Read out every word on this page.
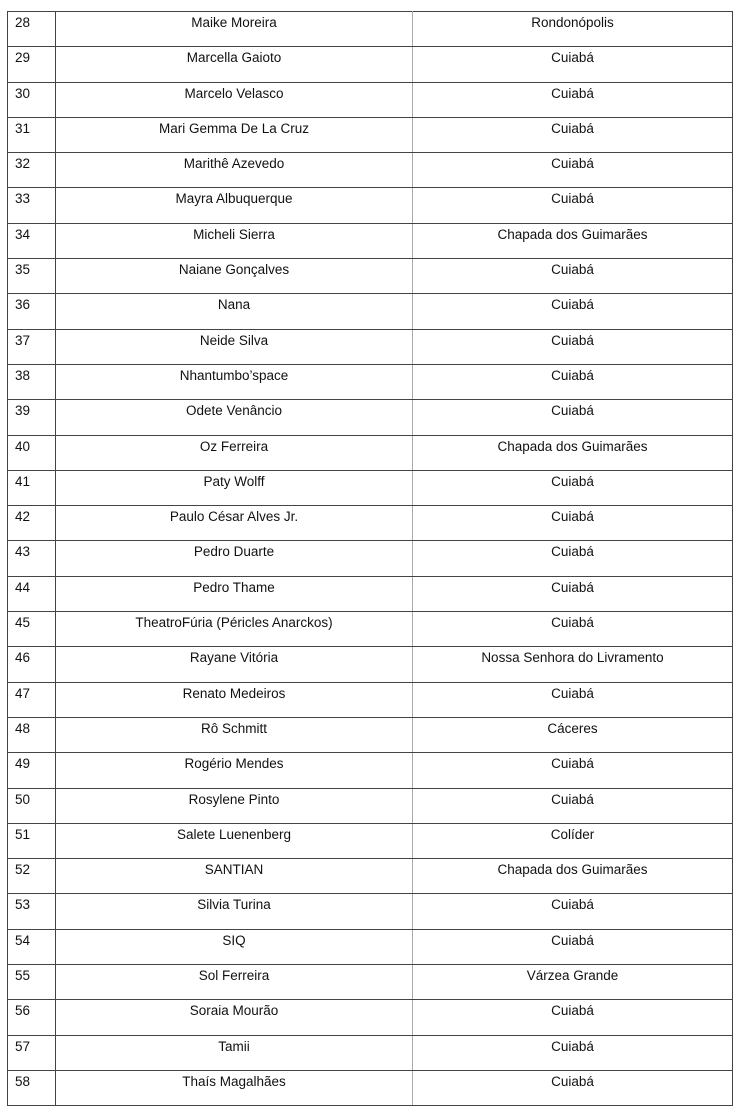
28	Maike Moreira	Rondonópolis
29	Marcella Gaioto	Cuiabá
30	Marcelo Velasco	Cuiabá
31	Mari Gemma De La Cruz	Cuiabá
32	Marithê Azevedo	Cuiabá
33	Mayra Albuquerque	Cuiabá
34	Micheli Sierra	Chapada dos Guimarães
35	Naiane Gonçalves	Cuiabá
36	Nana	Cuiabá
37	Neide Silva	Cuiabá
38	Nhantumbo’space	Cuiabá
39	Odete Venâncio	Cuiabá
40	Oz Ferreira	Chapada dos Guimarães
41	Paty Wolff	Cuiabá
42	Paulo César Alves Jr.	Cuiabá
43	Pedro Duarte	Cuiabá
44	Pedro Thame	Cuiabá
45	TheatroFúria (Péricles Anarckos)	Cuiabá
46	Rayane Vitória	Nossa Senhora do Livramento
47	Renato Medeiros	Cuiabá
48	Rô Schmitt	Cáceres
49	Rogério Mendes	Cuiabá
50	Rosylene Pinto	Cuiabá
51	Salete Luenenberg	Colíder
52	SANTIAN	Chapada dos Guimarães
53	Silvia Turina	Cuiabá
54	SIQ	Cuiabá
55	Sol Ferreira	Várzea Grande
56	Soraia Mourão	Cuiabá
57	Tamii	Cuiabá
58	Thaís Magalhães	Cuiabá
